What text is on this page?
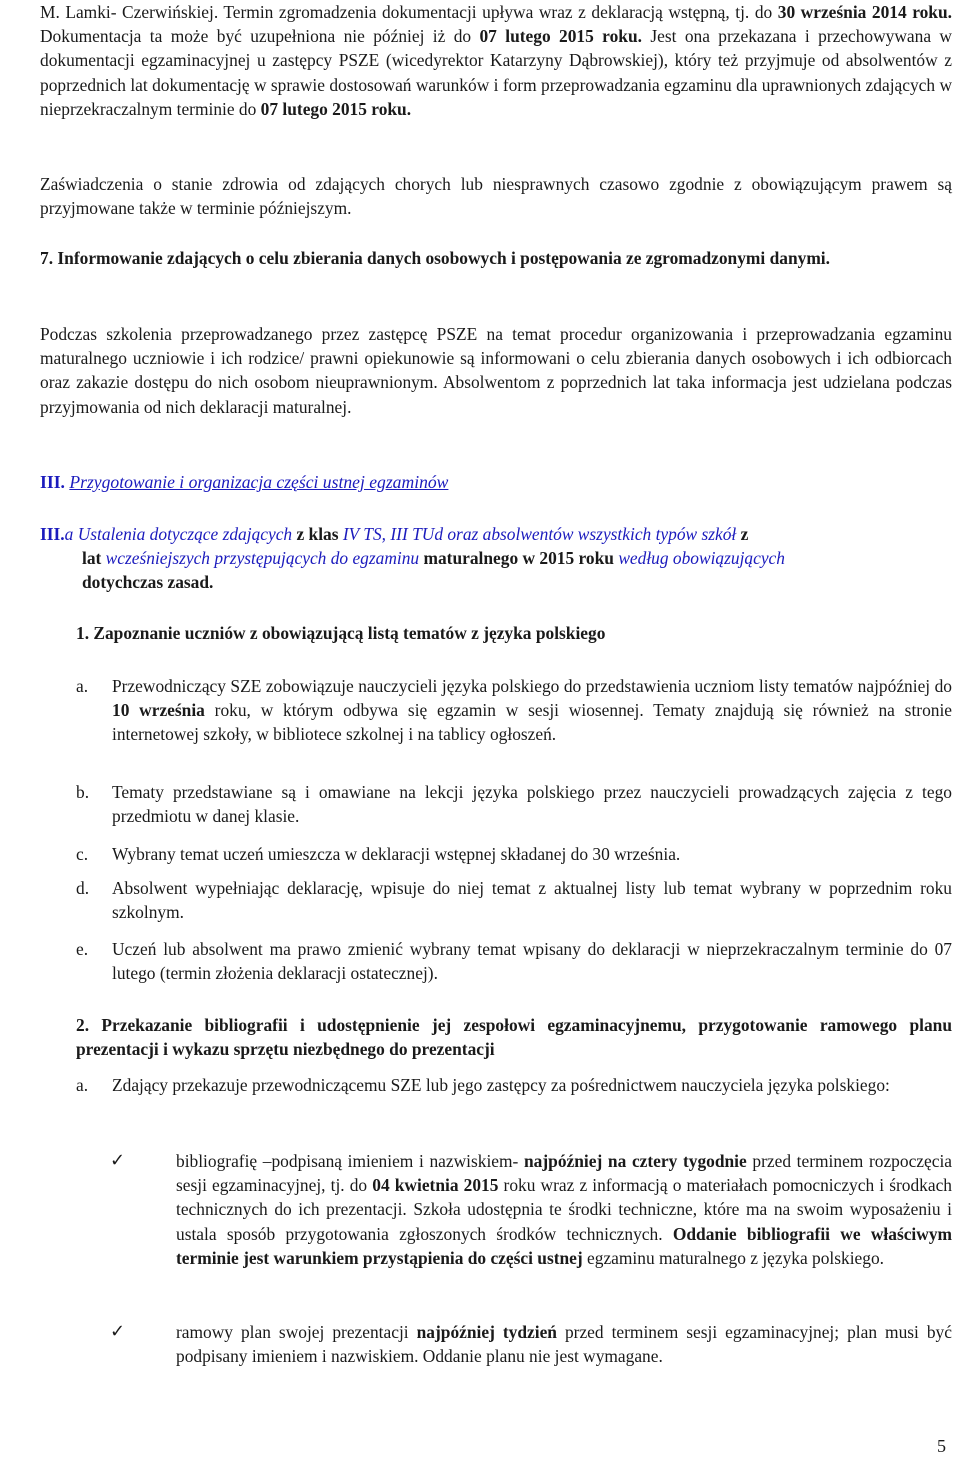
M. Lamki- Czerwińskiej. Termin zgromadzenia dokumentacji upływa wraz z deklaracją wstępną, tj. do 30 września 2014 roku. Dokumentacja ta może być uzupełniona nie później iż do 07 lutego 2015 roku. Jest ona przekazana i przechowywana w dokumentacji egzaminacyjnej u zastępcy PSZE (wicedyrektor Katarzyny Dąbrowskiej), który też przyjmuje od absolwentów z poprzednich lat dokumentację w sprawie dostosowań warunków i form przeprowadzania egzaminu dla uprawnionych zdających w nieprzekraczalnym terminie do 07 lutego 2015 roku.

Zaświadczenia o stanie zdrowia od zdających chorych lub niesprawnych czasowo zgodnie z obowiązującym prawem są przyjmowane także w terminie późniejszym.

7. Informowanie zdających o celu zbierania danych osobowych i postępowania ze zgromadzonymi danymi.

Podczas szkolenia przeprowadzanego przez zastępcę PSZE na temat procedur organizowania i przeprowadzania egzaminu maturalnego uczniowie i ich rodzice/ prawni opiekunowie są informowani o celu zbierania danych osobowych i ich odbiorcach oraz zakazie dostępu do nich osobom nieuprawnionym. Absolwentom z poprzednich lat taka informacja jest udzielana podczas przyjmowania od nich deklaracji maturalnej.

III. Przygotowanie i organizacja części ustnej egzaminów
III.a Ustalenia dotyczące zdających z klas IV TS, III TUd oraz absolwentów wszystkich typów szkół z
lat wcześniejszych przystępujących do egzaminu maturalnego w 2015 roku według obowiązujących
dotychczas zasad.
1. Zapoznanie uczniów z obowiązującą listą tematów z języka polskiego
a. Przewodniczący SZE zobowiązuje nauczycieli języka polskiego do przedstawienia uczniom listy tematów najpóźniej do 10 września roku, w którym odbywa się egzamin w sesji wiosennej. Tematy znajdują się również na stronie internetowej szkoły, w bibliotece szkolnej i na tablicy ogłoszeń.
b. Tematy przedstawiane są i omawiane na lekcji języka polskiego przez nauczycieli prowadzących zajęcia z tego przedmiotu w danej klasie.
c. Wybrany temat uczeń umieszcza w deklaracji wstępnej składanej do 30 września.
d. Absolwent wypełniając deklarację, wpisuje do niej temat z aktualnej listy lub temat wybrany w poprzednim roku szkolnym.
e. Uczeń lub absolwent ma prawo zmienić wybrany temat wpisany do deklaracji w nieprzekraczalnym terminie do 07 lutego (termin złożenia deklaracji ostatecznej).
2. Przekazanie bibliografii i udostępnienie jej zespołowi egzaminacyjnemu, przygotowanie ramowego planu prezentacji i wykazu sprzętu niezbędnego do prezentacji
a. Zdający przekazuje przewodniczącemu SZE lub jego zastępcy za pośrednictwem nauczyciela języka polskiego:
✓	bibliografię –podpisaną imieniem i nazwiskiem- najpóźniej na cztery tygodnie przed terminem rozpoczęcia sesji egzaminacyjnej, tj. do 04 kwietnia 2015 roku wraz z informacją o materiałach pomocniczych i środkach technicznych do ich prezentacji. Szkoła udostępnia te środki techniczne, które ma na swoim wyposażeniu i ustala sposób przygotowania zgłoszonych środków technicznych. Oddanie bibliografii we właściwym terminie jest warunkiem przystąpienia do części ustnej egzaminu maturalnego z języka polskiego.
✓	ramowy plan swojej prezentacji najpóźniej tydzień przed terminem sesji egzaminacyjnej; plan musi być podpisany imieniem i nazwiskiem. Oddanie planu nie jest wymagane.
5
